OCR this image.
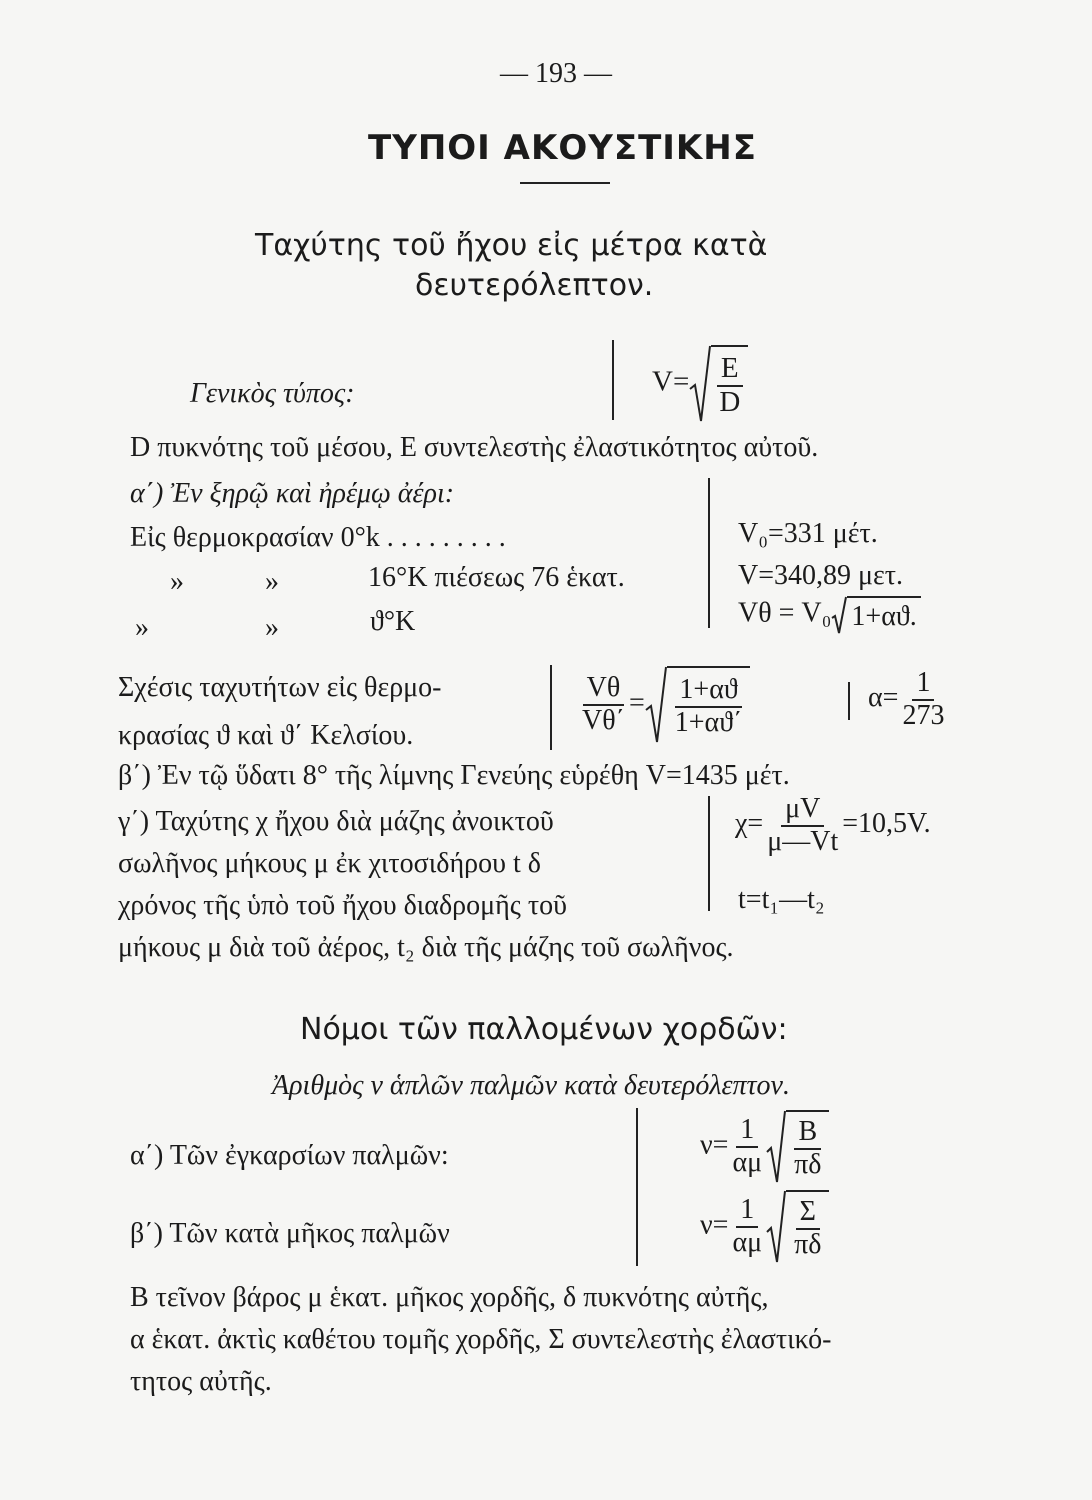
— 193 —
ΤΥΠΟΙ ΑΚΟΥΣΤΙΚΗΣ
Ταχύτης τοῦ ἤχου εἰς μέτρα κατὰ
δευτερόλεπτον.
Γενικὸς τύπος:	$V= \frac{E}{D}$
D πυκνότης τοῦ μέσου, E συντελεστὴς ἐλαστικότητος αὐτοῦ.
α΄) Ἐν ξηρῷ καὶ ἠρέμῳ ἀέρι:
Εἰς θερμοκρασίαν 0°k . . . . . . . . .	V₀=331 μέτ.
»	»	16°K πιέσεως 76 ἑκατ.	V=340,89 μετ.
»	»	ϑ°K	Vθ = V₀ 1+αϑ.
Σχέσις ταχυτήτων εἰς θερμο-
κρασίας ϑ καὶ ϑ΄ Κελσίου.	$\frac{V\theta}{V\theta΄} = \frac{1+\alpha ϑ}{1+\alpha ϑ΄}$	$\alpha= \frac{1}{273}$
β΄) Ἐν τῷ ὕδατι 8° τῆς λίμνης Γενεύης εὑρέθη V=1435 μέτ.
γ΄) Ταχύτης χ ἤχου διὰ μάζης ἀνοικτοῦ
σωλῆνος μήκους μ ἐκ χιτοσιδήρου t δ
χρόνος τῆς ὑπὸ τοῦ ἤχου διαδρομῆς τοῦ
μήκους μ διὰ τοῦ ἀέρος, t₂ διὰ τῆς μάζης τοῦ σωλῆνος.
$\chi= \frac{\mu V}{\mu—Vt} =10,5V$.
t=t₁—t₂
Νόμοι τῶν παλλομένων χορδῶν:
Ἀριθμὸς ν ἁπλῶν παλμῶν κατὰ δευτερόλεπτον.
α΄) Τῶν ἐγκαρσίων παλμῶν:	$\nu= \frac{1}{\alpha\mu} \frac{B}{\pi\delta}$
β΄) Τῶν κατὰ μῆκος παλμῶν	$\nu= \frac{1}{\alpha\mu} \frac{\Sigma}{\pi\delta}$
B τεῖνον βάρος μ ἑκατ. μῆκος χορδῆς, δ πυκνότης αὐτῆς,
α ἑκατ. ἀκτὶς καθέτου τομῆς χορδῆς, Σ συντελεστὴς ἐλαστικό-
τητος αὐτῆς.
